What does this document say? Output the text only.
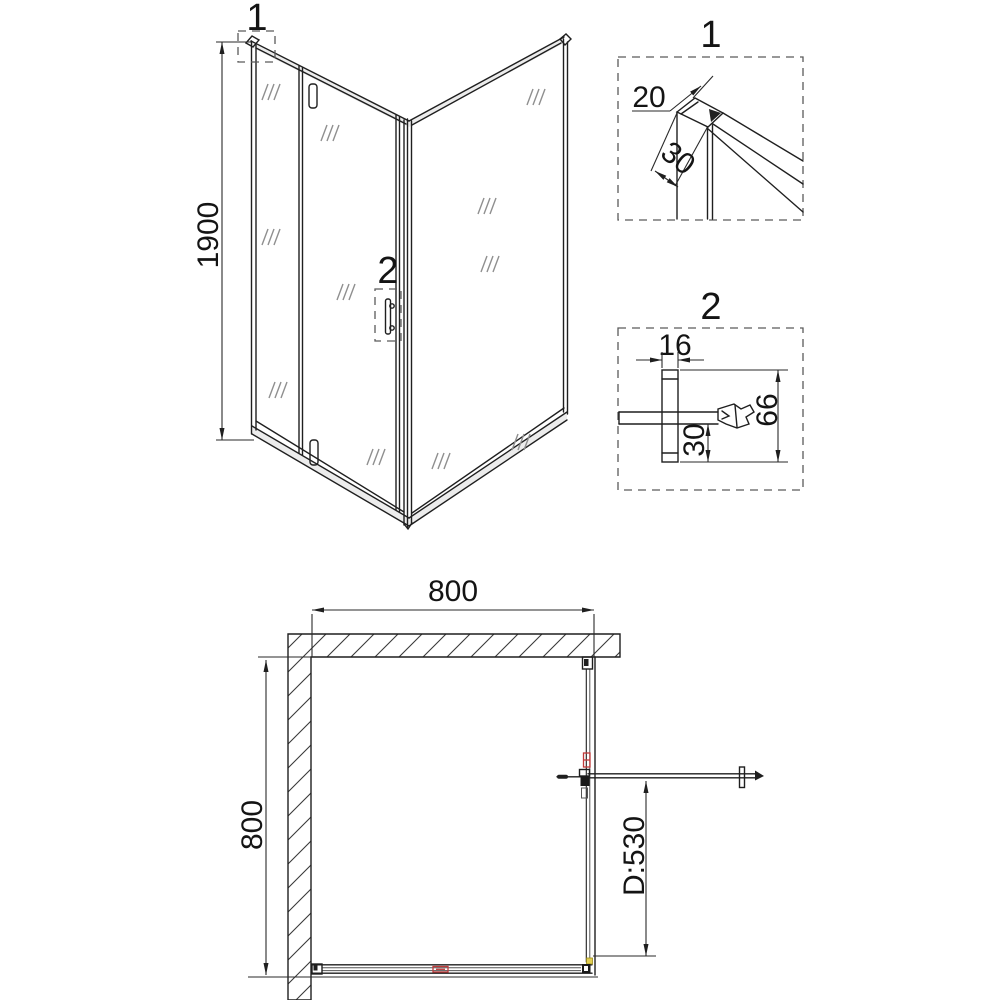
1900
1
2
1
20
30
2
16
66
30
800
800	D:530
